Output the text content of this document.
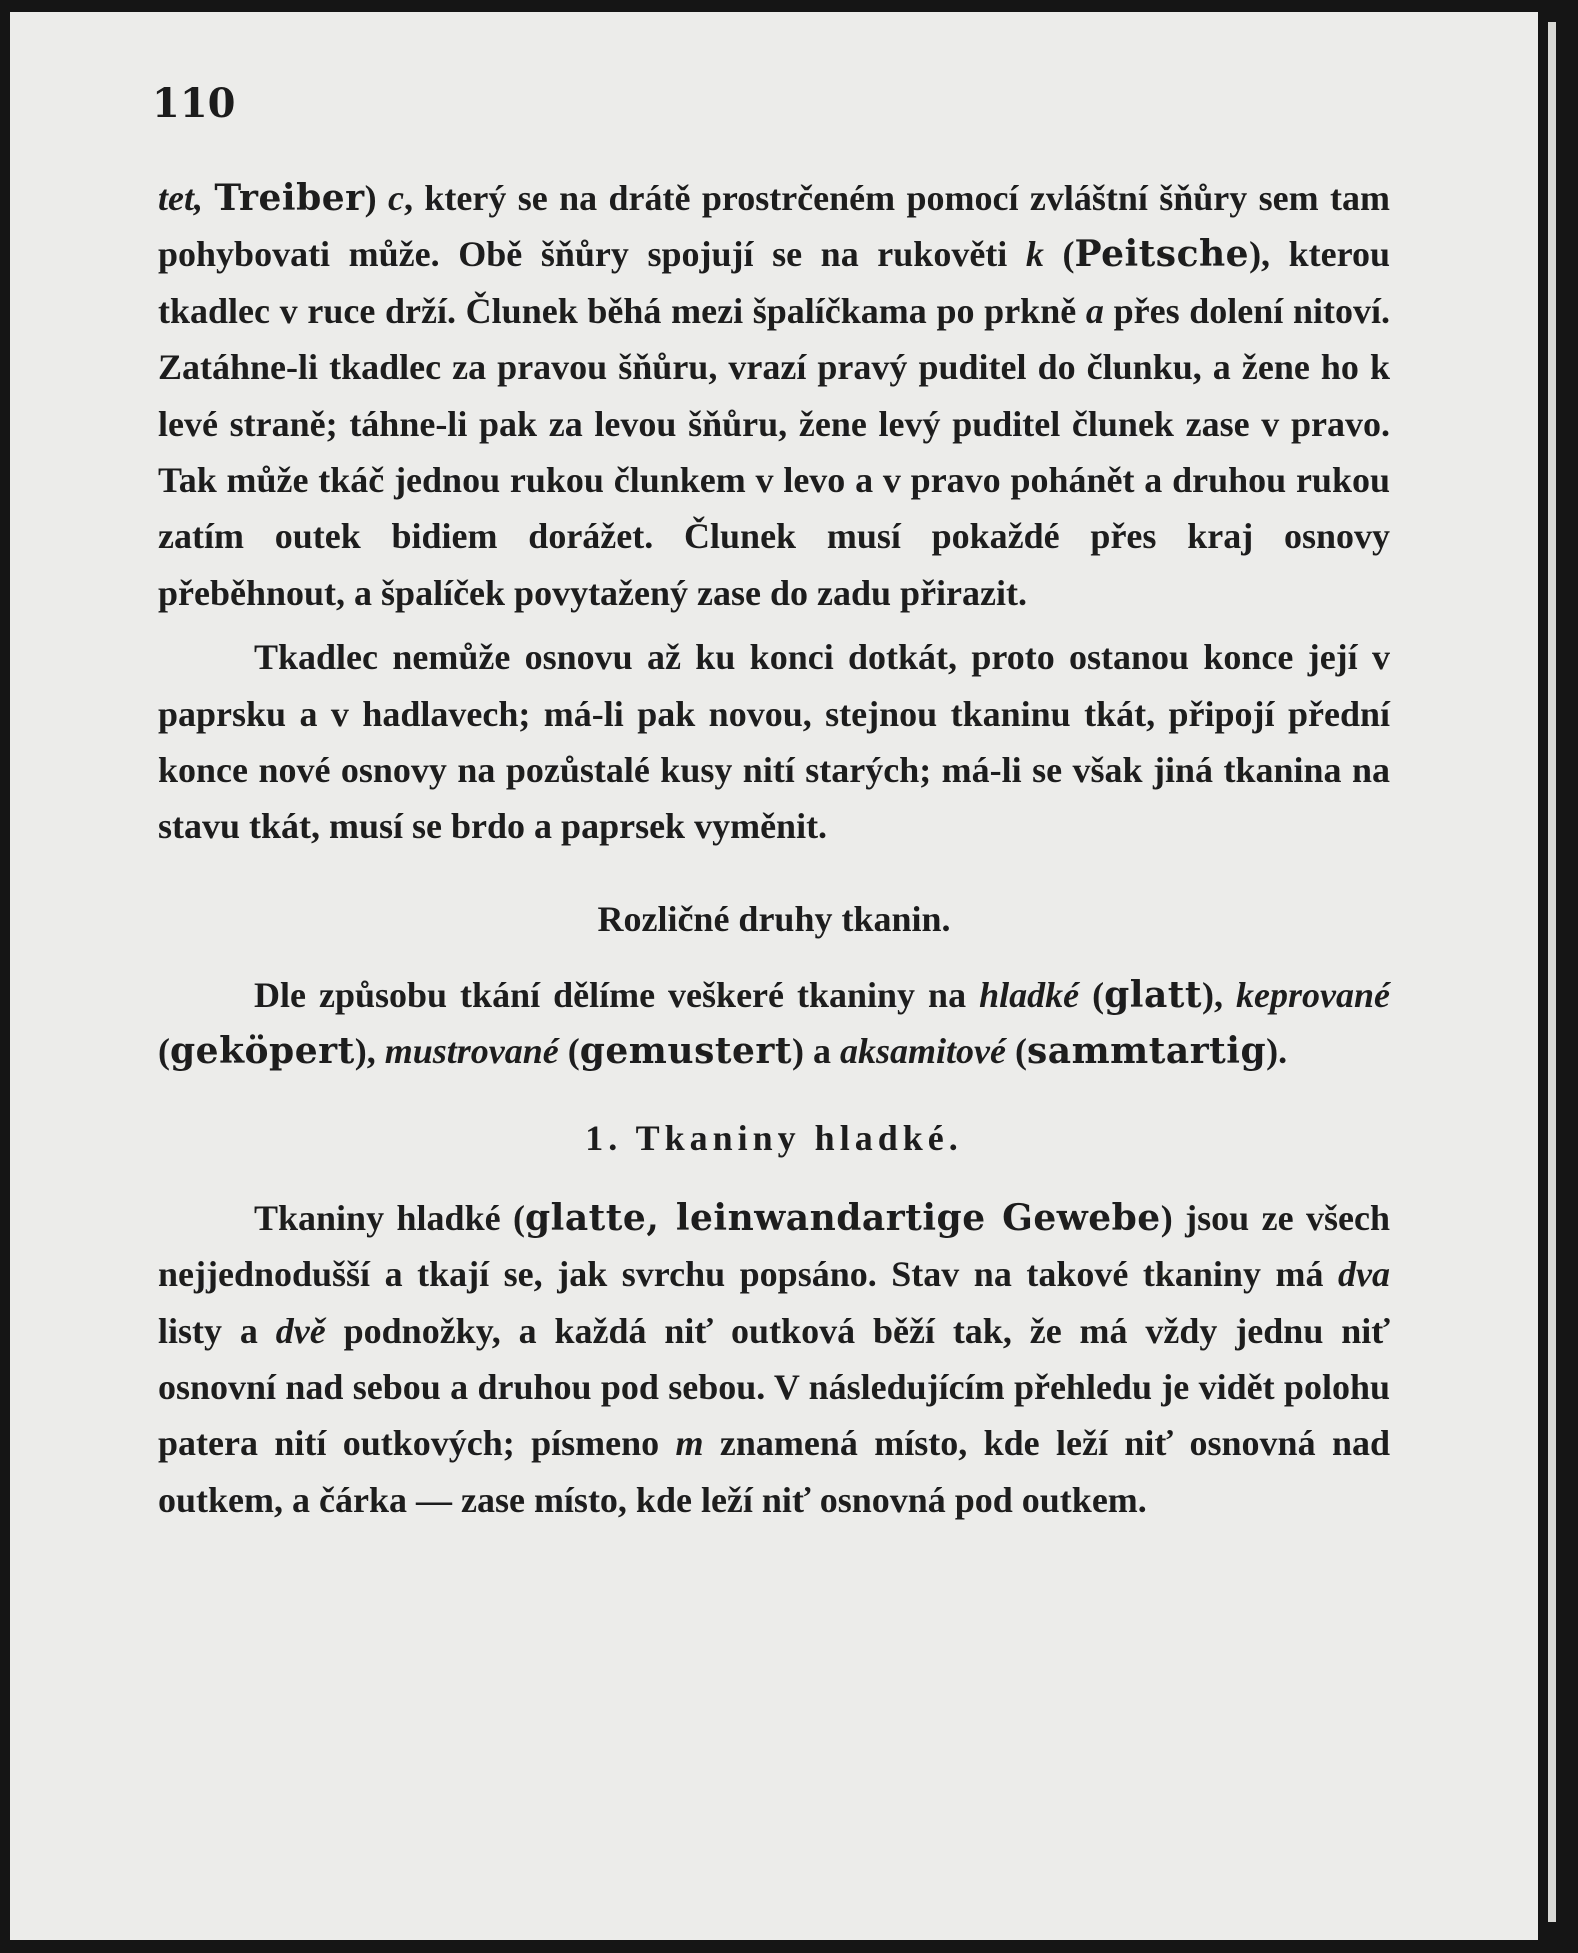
110

tet, Treiber) c, který se na drátě prostrčeném pomocí zvláštní šňůry sem tam pohybovati může. Obě šňůry spojují se na rukověti k (Peitsche), kterou tkadlec v ruce drží. Člunek běhá mezi špalíčkama po prkně a přes dolení nitoví. Zatáhne-li tkadlec za pravou šňůru, vrazí pravý puditel do člunku, a žene ho k levé straně; táhne-li pak za levou šňůru, žene levý puditel člunek zase v pravo. Tak může tkáč jednou rukou člunkem v levo a v pravo pohánět a druhou rukou zatím outek bidiem dorážet. Člunek musí pokaždé přes kraj osnovy přeběhnout, a špalíček povytažený zase do zadu přirazit.

Tkadlec nemůže osnovu až ku konci dotkát, proto ostanou konce její v paprsku a v hadlavech; má-li pak novou, stejnou tkaninu tkát, připojí přední konce nové osnovy na pozůstalé kusy nití starých; má-li se však jiná tkanina na stavu tkát, musí se brdo a paprsek vyměnit.

Rozličné druhy tkanin.

Dle způsobu tkání dělíme veškeré tkaniny na hladké (glatt), keprované (geköpert), mustrované (gemustert) a aksamitové (sammtartig).

1. Tkaniny hladké.

Tkaniny hladké (glatte, leinwandartige Gewebe) jsou ze všech nejjednodušší a tkají se, jak svrchu popsáno. Stav na takové tkaniny má dva listy a dvě podnožky, a každá niť outková běží tak, že má vždy jednu niť osnovní nad sebou a druhou pod sebou. V následujícím přehledu je vidět polohu patera nití outkových; písmeno m znamená místo, kde leží niť osnovná nad outkem, a čárka — zase místo, kde leží niť osnovná pod outkem.
